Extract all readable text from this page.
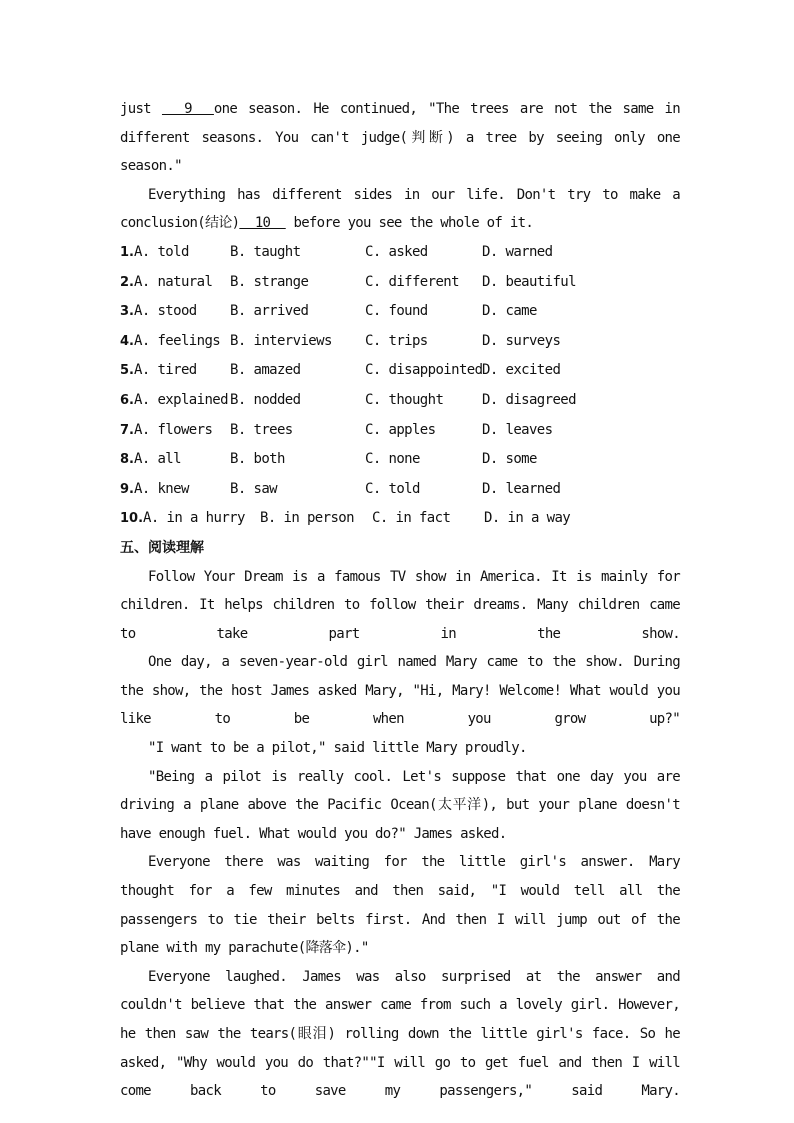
just   9  one season. He continued, "The trees are not the same in different seasons. You can't judge(判断) a tree by seeing only one season."

Everything has different sides in our life. Don't try to make a conclusion(结论)  10   before you see the whole of it.

1.A. told	B. taught	C. asked	D. warned
2.A. natural	B. strange	C. different	D. beautiful
3.A. stood	B. arrived	C. found	D. came
4.A. feelings B. interviews	C. trips	D. surveys
5.A. tired	B. amazed	C. disappointed D. excited
6.A. explained B. nodded	C. thought	D. disagreed
7.A. flowers	B. trees	C. apples	D. leaves
8.A. all	B. both	C. none	D. some
9.A. knew	B. saw	C. told	D. learned
10.A. in a hurry	B. in person	C. in fact	D. in a way

五、阅读理解

Follow Your Dream is a famous TV show in America. It is mainly for children. It helps children to follow their dreams. Many children came to take part in the show.

One day, a seven-year-old girl named Mary came to the show. During the show, the host James asked Mary, "Hi, Mary! Welcome! What would you like to be when you grow up?"

"I want to be a pilot," said little Mary proudly.

"Being a pilot is really cool. Let's suppose that one day you are driving a plane above the Pacific Ocean(太平洋), but your plane doesn't have enough fuel. What would you do?" James asked.

Everyone there was waiting for the little girl's answer. Mary thought for a few minutes and then said, "I would tell all the passengers to tie their belts first. And then I will jump out of the plane with my parachute(降落伞)."

Everyone laughed. James was also surprised at the answer and couldn't believe that the answer came from such a lovely girl. However, he then saw the tears(眼泪) rolling down the little girl's face. So he asked, "Why would you do that?""I will go to get fuel and then I will come back to save my passengers," said Mary.
